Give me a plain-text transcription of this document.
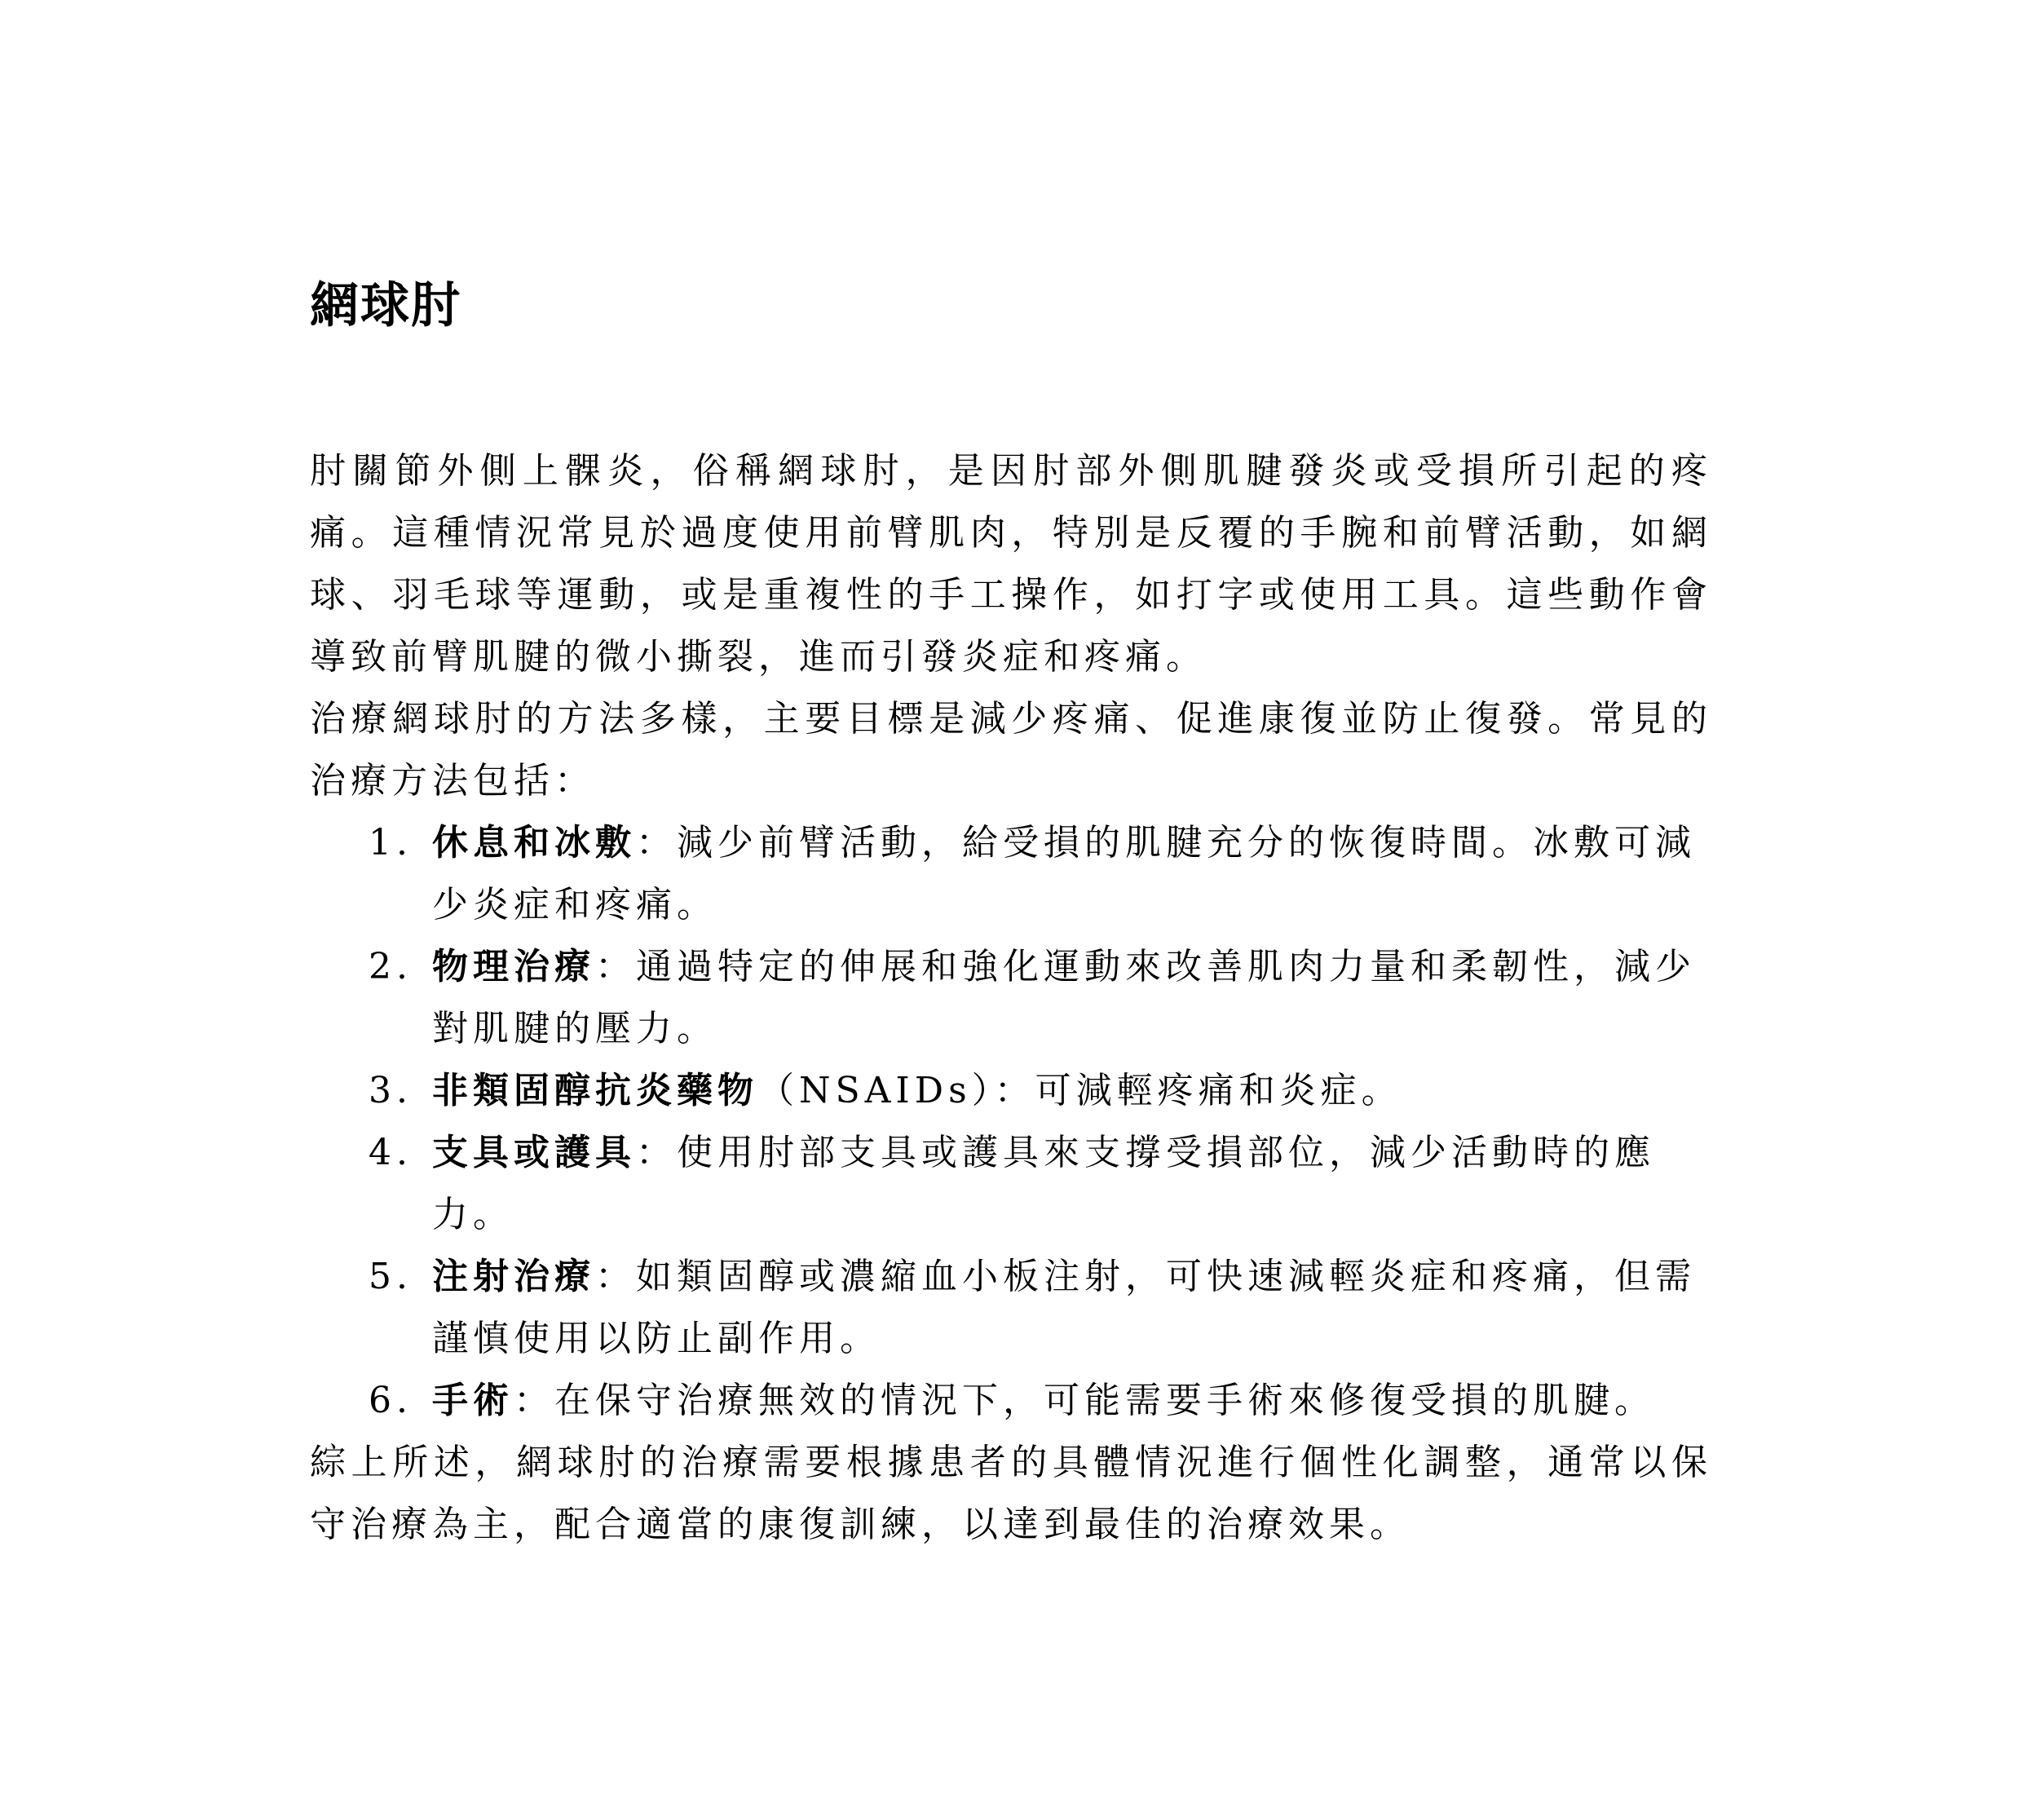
網球肘

肘關節外側上髁炎，俗稱網球肘，是因肘部外側肌腱發炎或受損所引起的疼痛。這種情況常見於過度使用前臂肌肉，特別是反覆的手腕和前臂活動，如網球、羽毛球等運動，或是重複性的手工操作，如打字或使用工具。這些動作會導致前臂肌腱的微小撕裂，進而引發炎症和疼痛。

治療網球肘的方法多樣，主要目標是減少疼痛、促進康復並防止復發。常見的治療方法包括：

1. 休息和冰敷：減少前臂活動，給受損的肌腱充分的恢復時間。冰敷可減少炎症和疼痛。
2. 物理治療：通過特定的伸展和強化運動來改善肌肉力量和柔韌性，減少對肌腱的壓力。
3. 非類固醇抗炎藥物（NSAIDs）：可減輕疼痛和炎症。
4. 支具或護具：使用肘部支具或護具來支撐受損部位，減少活動時的應力。
5. 注射治療：如類固醇或濃縮血小板注射，可快速減輕炎症和疼痛，但需謹慎使用以防止副作用。
6. 手術：在保守治療無效的情況下，可能需要手術來修復受損的肌腱。

綜上所述，網球肘的治療需要根據患者的具體情況進行個性化調整，通常以保守治療為主，配合適當的康復訓練，以達到最佳的治療效果。
